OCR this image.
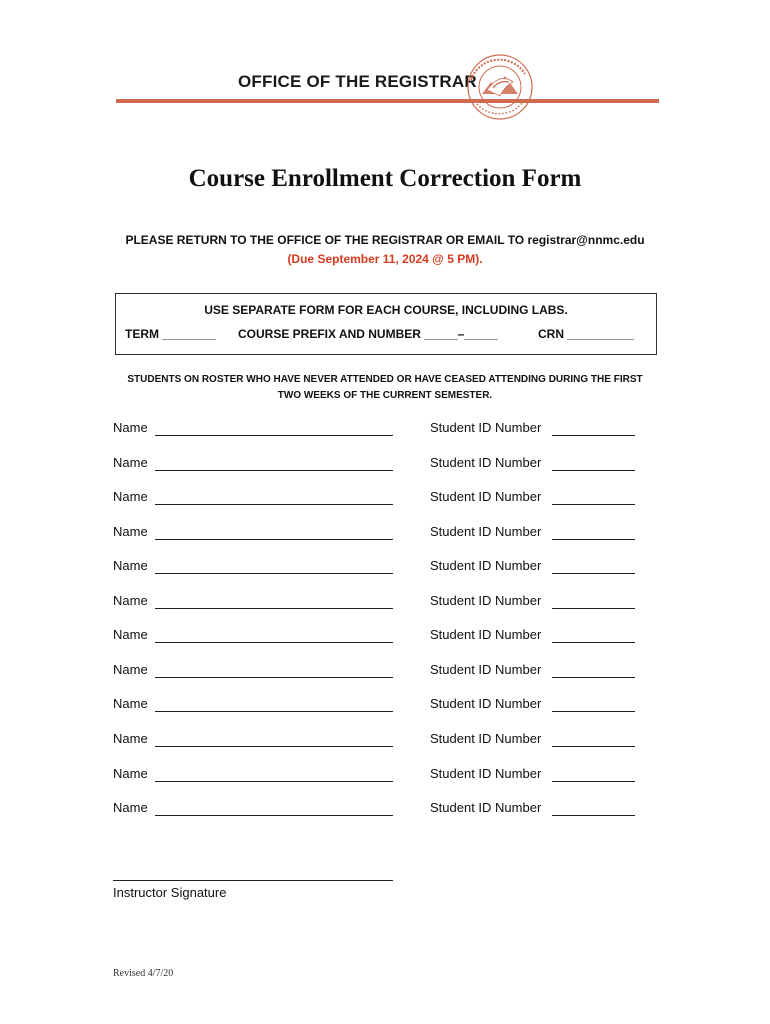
OFFICE OF THE REGISTRAR
Course Enrollment Correction Form
PLEASE RETURN TO THE OFFICE OF THE REGISTRAR OR EMAIL TO registrar@nnmc.edu
(Due September 11, 2024 @ 5 PM).
USE SEPARATE FORM FOR EACH COURSE, INCLUDING LABS.
TERM ________ COURSE PREFIX AND NUMBER _____–_____	CRN __________
STUDENTS ON ROSTER WHO HAVE NEVER ATTENDED OR HAVE CEASED ATTENDING DURING THE FIRST
TWO WEEKS OF THE CURRENT SEMESTER.
Name	Student ID Number
Name	Student ID Number
Name	Student ID Number
Name	Student ID Number
Name	Student ID Number
Name	Student ID Number
Name	Student ID Number
Name	Student ID Number
Name	Student ID Number
Name	Student ID Number
Name	Student ID Number
Name	Student ID Number
Instructor Signature
Revised 4/7/20
